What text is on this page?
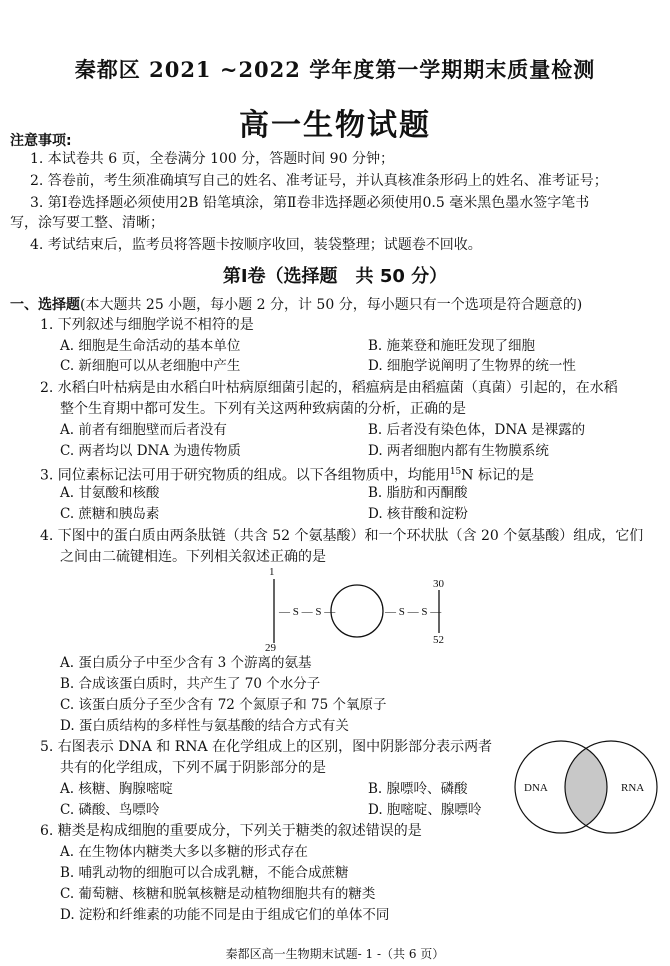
秦都区 2021 ~2022 学年度第一学期期末质量检测
高一生物试题
注意事项:
1. 本试卷共 6 页，全卷满分 100 分，答题时间 90 分钟；
2. 答卷前，考生须准确填写自己的姓名、准考证号，并认真核准条形码上的姓名、准考证号；
3. 第Ⅰ卷选择题必须使用2B 铅笔填涂，第Ⅱ卷非选择题必须使用0.5 毫米黑色墨水签字笔书
写，涂写要工整、清晰；
4. 考试结束后，监考员将答题卡按顺序收回，装袋整理；试题卷不回收。
第Ⅰ卷（选择题　共 50 分）
一、选择题(本大题共 25 小题，每小题 2 分，计 50 分，每小题只有一个选项是符合题意的)
1. 下列叙述与细胞学说不相符的是
A. 细胞是生命活动的基本单位	B. 施莱登和施旺发现了细胞
C. 新细胞可以从老细胞中产生	D. 细胞学说阐明了生物界的统一性
2. 水稻白叶枯病是由水稻白叶枯病原细菌引起的，稻瘟病是由稻瘟菌（真菌）引起的，在水稻
整个生育期中都可发生。下列有关这两种致病菌的分析，正确的是
A. 前者有细胞壁而后者没有	B. 后者没有染色体，DNA 是裸露的
C. 两者均以 DNA 为遗传物质	D. 两者细胞内都有生物膜系统
3. 同位素标记法可用于研究物质的组成。以下各组物质中，均能用$^{15}$N 标记的是
A. 甘氨酸和核酸	B. 脂肪和丙酮酸
C. 蔗糖和胰岛素	D. 核苷酸和淀粉
4. 下图中的蛋白质由两条肽链（共含 52 个氨基酸）和一个环状肽（含 20 个氨基酸）组成，它们
之间由二硫键相连。下列相关叙述正确的是
1
29
— S — S —	— S — S —
30
52
A. 蛋白质分子中至少含有 3 个游离的氨基
B. 合成该蛋白质时，共产生了 70 个水分子
C. 该蛋白质分子至少含有 72 个氮原子和 75 个氧原子
D. 蛋白质结构的多样性与氨基酸的结合方式有关
5. 右图表示 DNA 和 RNA 在化学组成上的区别，图中阴影部分表示两者
共有的化学组成，下列不属于阴影部分的是
A. 核糖、胸腺嘧啶	B. 腺嘌呤、磷酸
C. 磷酸、鸟嘌呤	D. 胞嘧啶、腺嘌呤
DNA	RNA
6. 糖类是构成细胞的重要成分，下列关于糖类的叙述错误的是
A. 在生物体内糖类大多以多糖的形式存在
B. 哺乳动物的细胞可以合成乳糖，不能合成蔗糖
C. 葡萄糖、核糖和脱氧核糖是动植物细胞共有的糖类
D. 淀粉和纤维素的功能不同是由于组成它们的单体不同
秦都区高一生物期末试题- 1 -（共 6 页）
